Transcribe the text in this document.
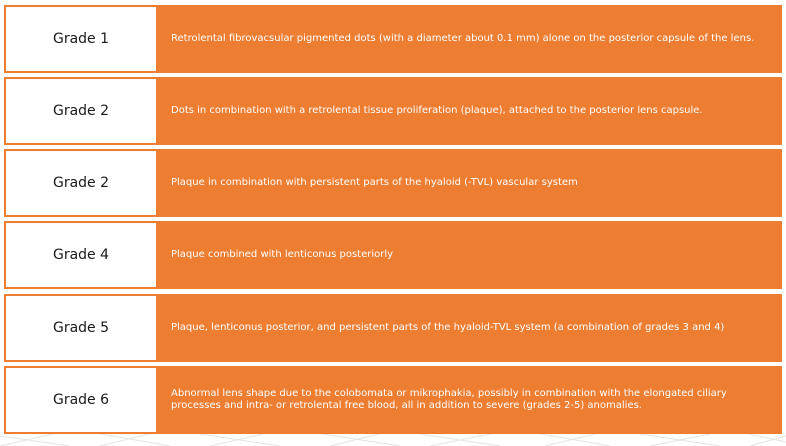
Grade 1	Retrolental fibrovacsular pigmented dots (with a diameter about 0.1 mm) alone on the posterior capsule of the lens.
Grade 2	Dots in combination with a retrolental tissue proliferation (plaque), attached to the posterior lens capsule.
Grade 2	Plaque in combination with persistent parts of the hyaloid (-TVL) vascular system
Grade 4	Plaque combined with lenticonus posteriorly
Grade 5	Plaque, lenticonus posterior, and persistent parts of the hyaloid-TVL system (a combination of grades 3 and 4)
Grade 6	Abnormal lens shape due to the colobomata or mikrophakia, possibly in combination with the elongated ciliary processes and intra- or retrolental free blood, all in addition to severe (grades 2-5) anomalies.
